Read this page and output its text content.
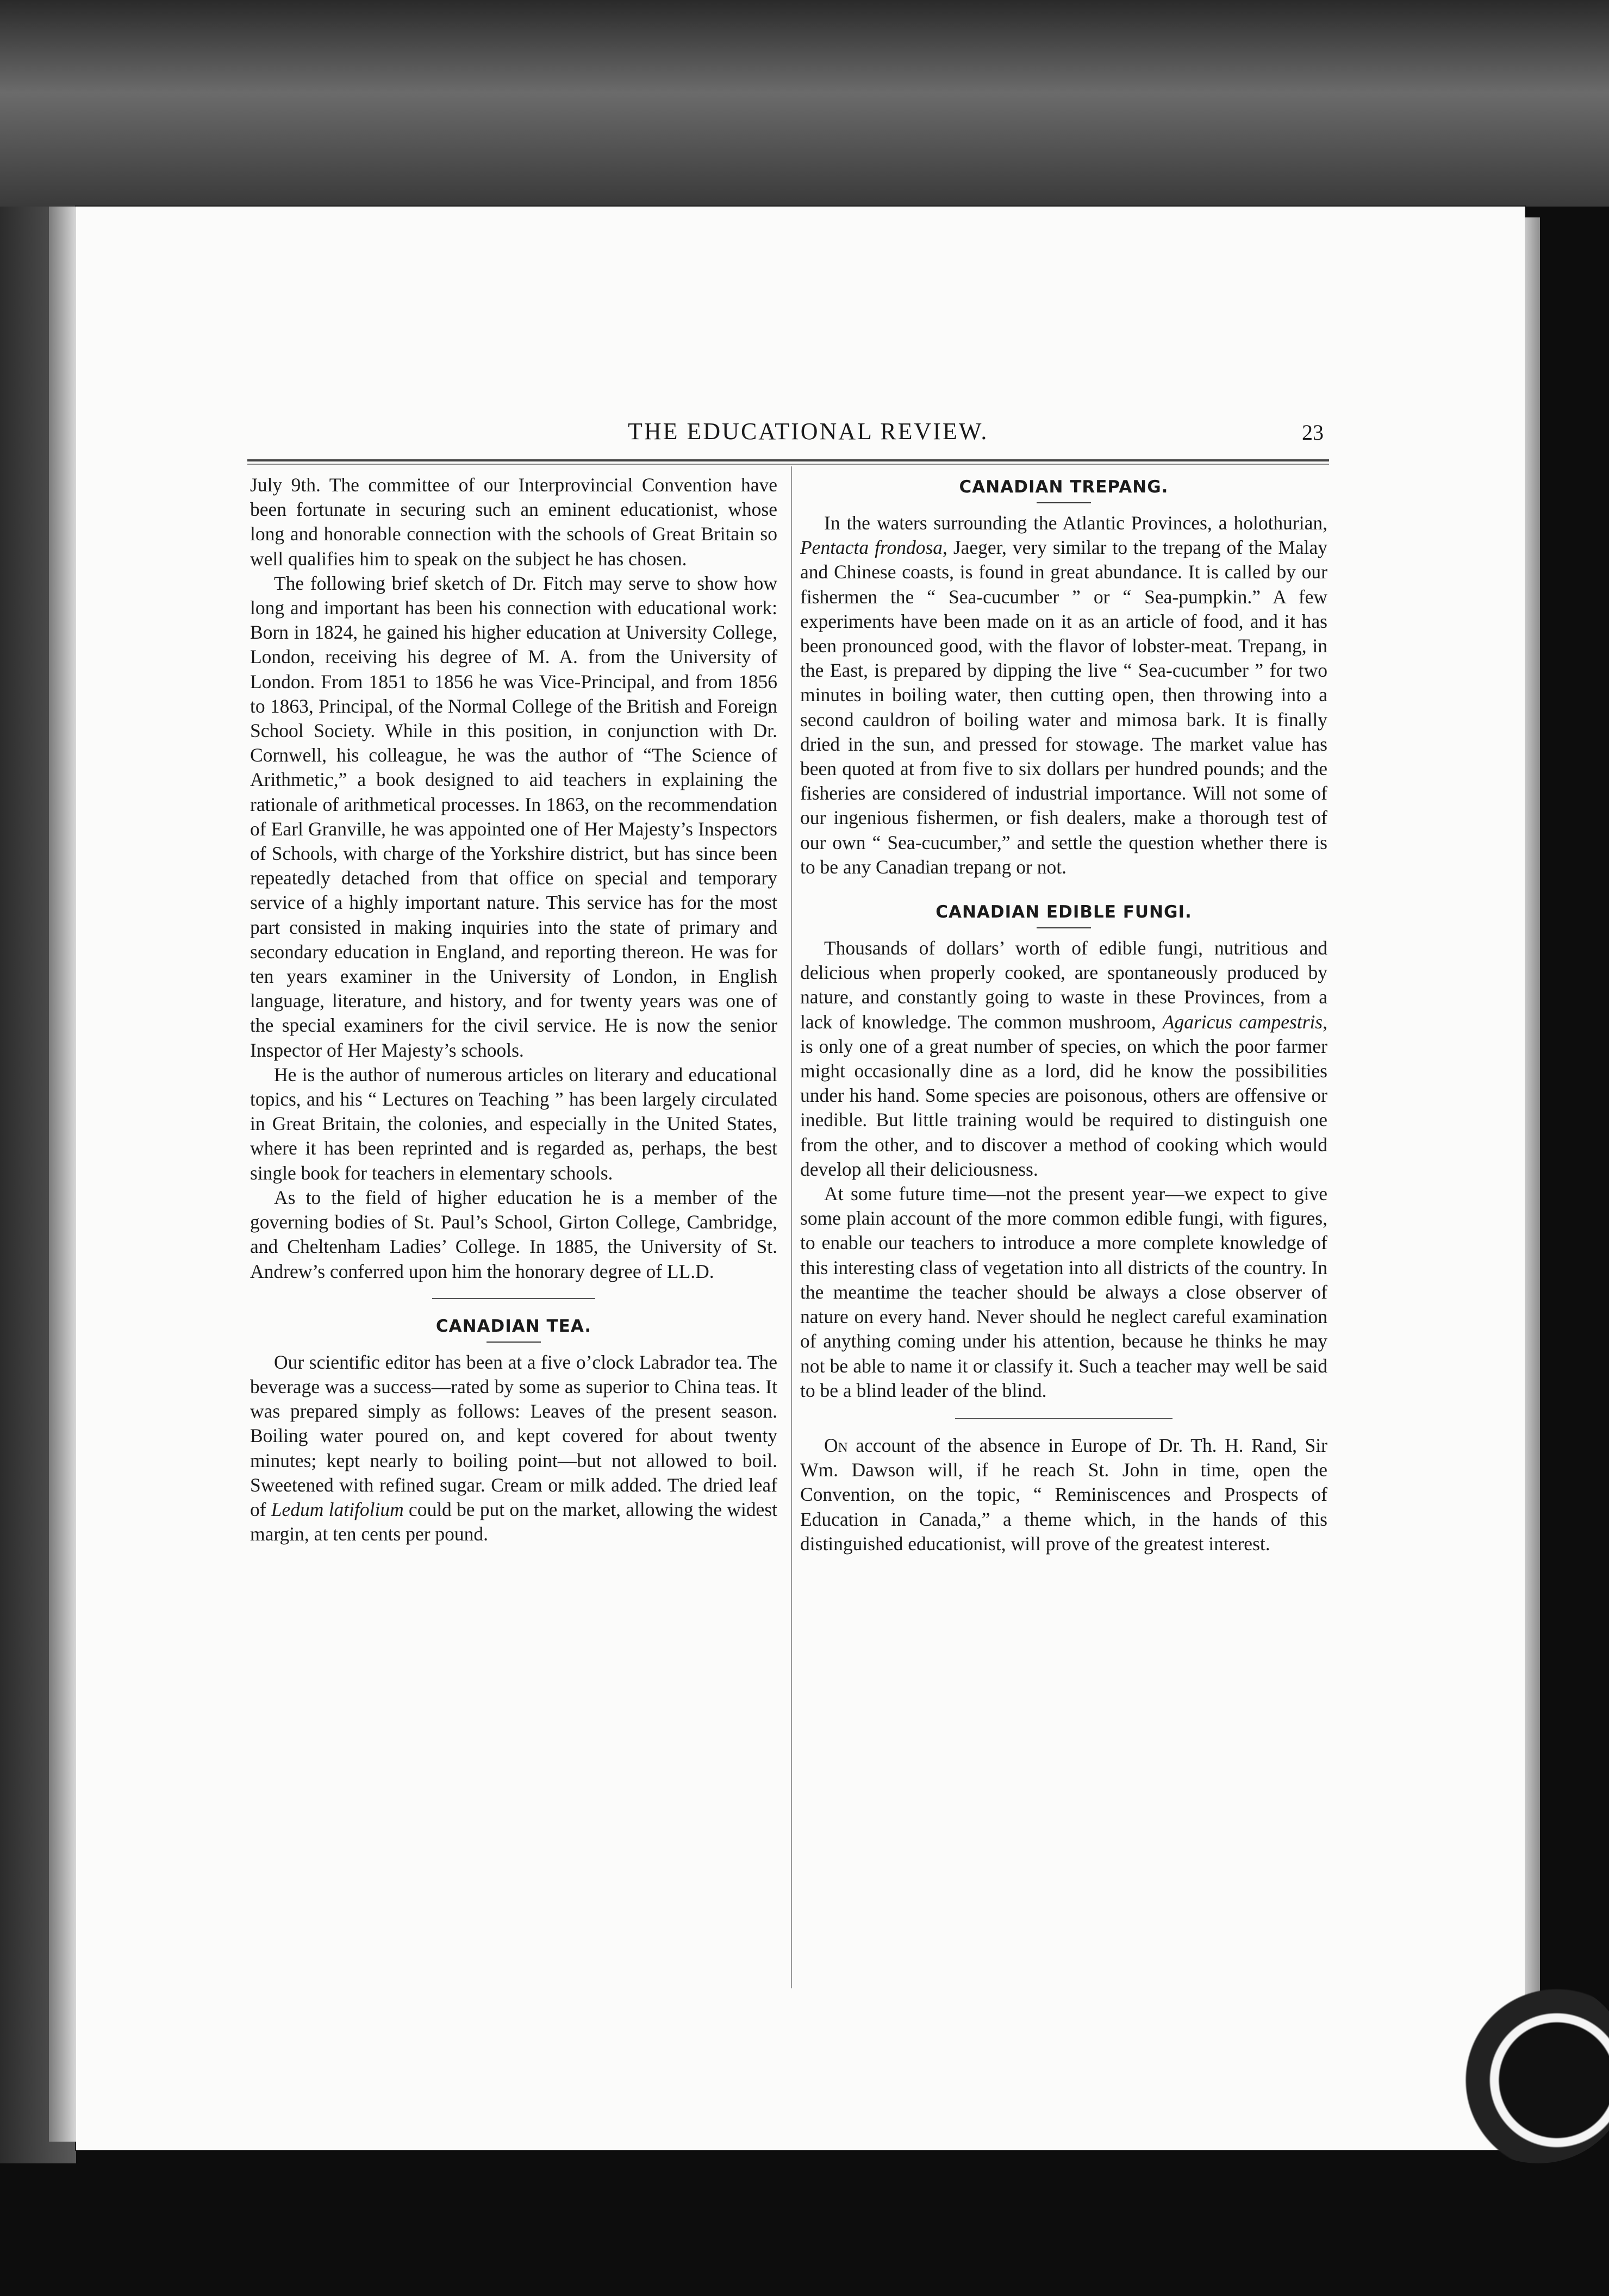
THE EDUCATIONAL REVIEW.	23

July 9th. The committee of our Interprovincial Convention have been fortunate in securing such an eminent educationist, whose long and honorable connection with the schools of Great Britain so well qualifies him to speak on the subject he has chosen.

The following brief sketch of Dr. Fitch may serve to show how long and important has been his connection with educational work: Born in 1824, he gained his higher education at University College, London, receiving his degree of M. A. from the University of London. From 1851 to 1856 he was Vice-Principal, and from 1856 to 1863, Principal, of the Normal College of the British and Foreign School Society. While in this position, in conjunction with Dr. Cornwell, his colleague, he was the author of “The Science of Arithmetic,” a book designed to aid teachers in explaining the rationale of arithmetical processes. In 1863, on the recommendation of Earl Granville, he was appointed one of Her Majesty’s Inspectors of Schools, with charge of the Yorkshire district, but has since been repeatedly detached from that office on special and temporary service of a highly important nature. This service has for the most part consisted in making inquiries into the state of primary and secondary education in England, and reporting thereon. He was for ten years examiner in the University of London, in English language, literature, and history, and for twenty years was one of the special examiners for the civil service. He is now the senior Inspector of Her Majesty’s schools.

He is the author of numerous articles on literary and educational topics, and his “ Lectures on Teaching ” has been largely circulated in Great Britain, the colonies, and especially in the United States, where it has been reprinted and is regarded as, perhaps, the best single book for teachers in elementary schools.

As to the field of higher education he is a member of the governing bodies of St. Paul’s School, Girton College, Cambridge, and Cheltenham Ladies’ College. In 1885, the University of St. Andrew’s conferred upon him the honorary degree of LL.D.

CANADIAN TEA.

Our scientific editor has been at a five o’clock Labrador tea. The beverage was a success—rated by some as superior to China teas. It was prepared simply as follows: Leaves of the present season. Boiling water poured on, and kept covered for about twenty minutes; kept nearly to boiling point—but not allowed to boil. Sweetened with refined sugar. Cream or milk added. The dried leaf of Ledum latifolium could be put on the market, allowing the widest margin, at ten cents per pound.

CANADIAN TREPANG.

In the waters surrounding the Atlantic Provinces, a holothurian, Pentacta frondosa, Jaeger, very similar to the trepang of the Malay and Chinese coasts, is found in great abundance. It is called by our fishermen the “ Sea-cucumber ” or “ Sea-pumpkin.” A few experiments have been made on it as an article of food, and it has been pronounced good, with the flavor of lobster-meat. Trepang, in the East, is prepared by dipping the live “ Sea-cucumber ” for two minutes in boiling water, then cutting open, then throwing into a second cauldron of boiling water and mimosa bark. It is finally dried in the sun, and pressed for stowage. The market value has been quoted at from five to six dollars per hundred pounds; and the fisheries are considered of industrial importance. Will not some of our ingenious fishermen, or fish dealers, make a thorough test of our own “ Sea-cucumber,” and settle the question whether there is to be any Canadian trepang or not.

CANADIAN EDIBLE FUNGI.

Thousands of dollars’ worth of edible fungi, nutritious and delicious when properly cooked, are spontaneously produced by nature, and constantly going to waste in these Provinces, from a lack of knowledge. The common mushroom, Agaricus campestris, is only one of a great number of species, on which the poor farmer might occasionally dine as a lord, did he know the possibilities under his hand. Some species are poisonous, others are offensive or inedible. But little training would be required to distinguish one from the other, and to discover a method of cooking which would develop all their deliciousness.

At some future time—not the present year—we expect to give some plain account of the more common edible fungi, with figures, to enable our teachers to introduce a more complete knowledge of this interesting class of vegetation into all districts of the country. In the meantime the teacher should be always a close observer of nature on every hand. Never should he neglect careful examination of anything coming under his attention, because he thinks he may not be able to name it or classify it. Such a teacher may well be said to be a blind leader of the blind.

On account of the absence in Europe of Dr. Th. H. Rand, Sir Wm. Dawson will, if he reach St. John in time, open the Convention, on the topic, “ Reminiscences and Prospects of Education in Canada,” a theme which, in the hands of this distinguished educationist, will prove of the greatest interest.
